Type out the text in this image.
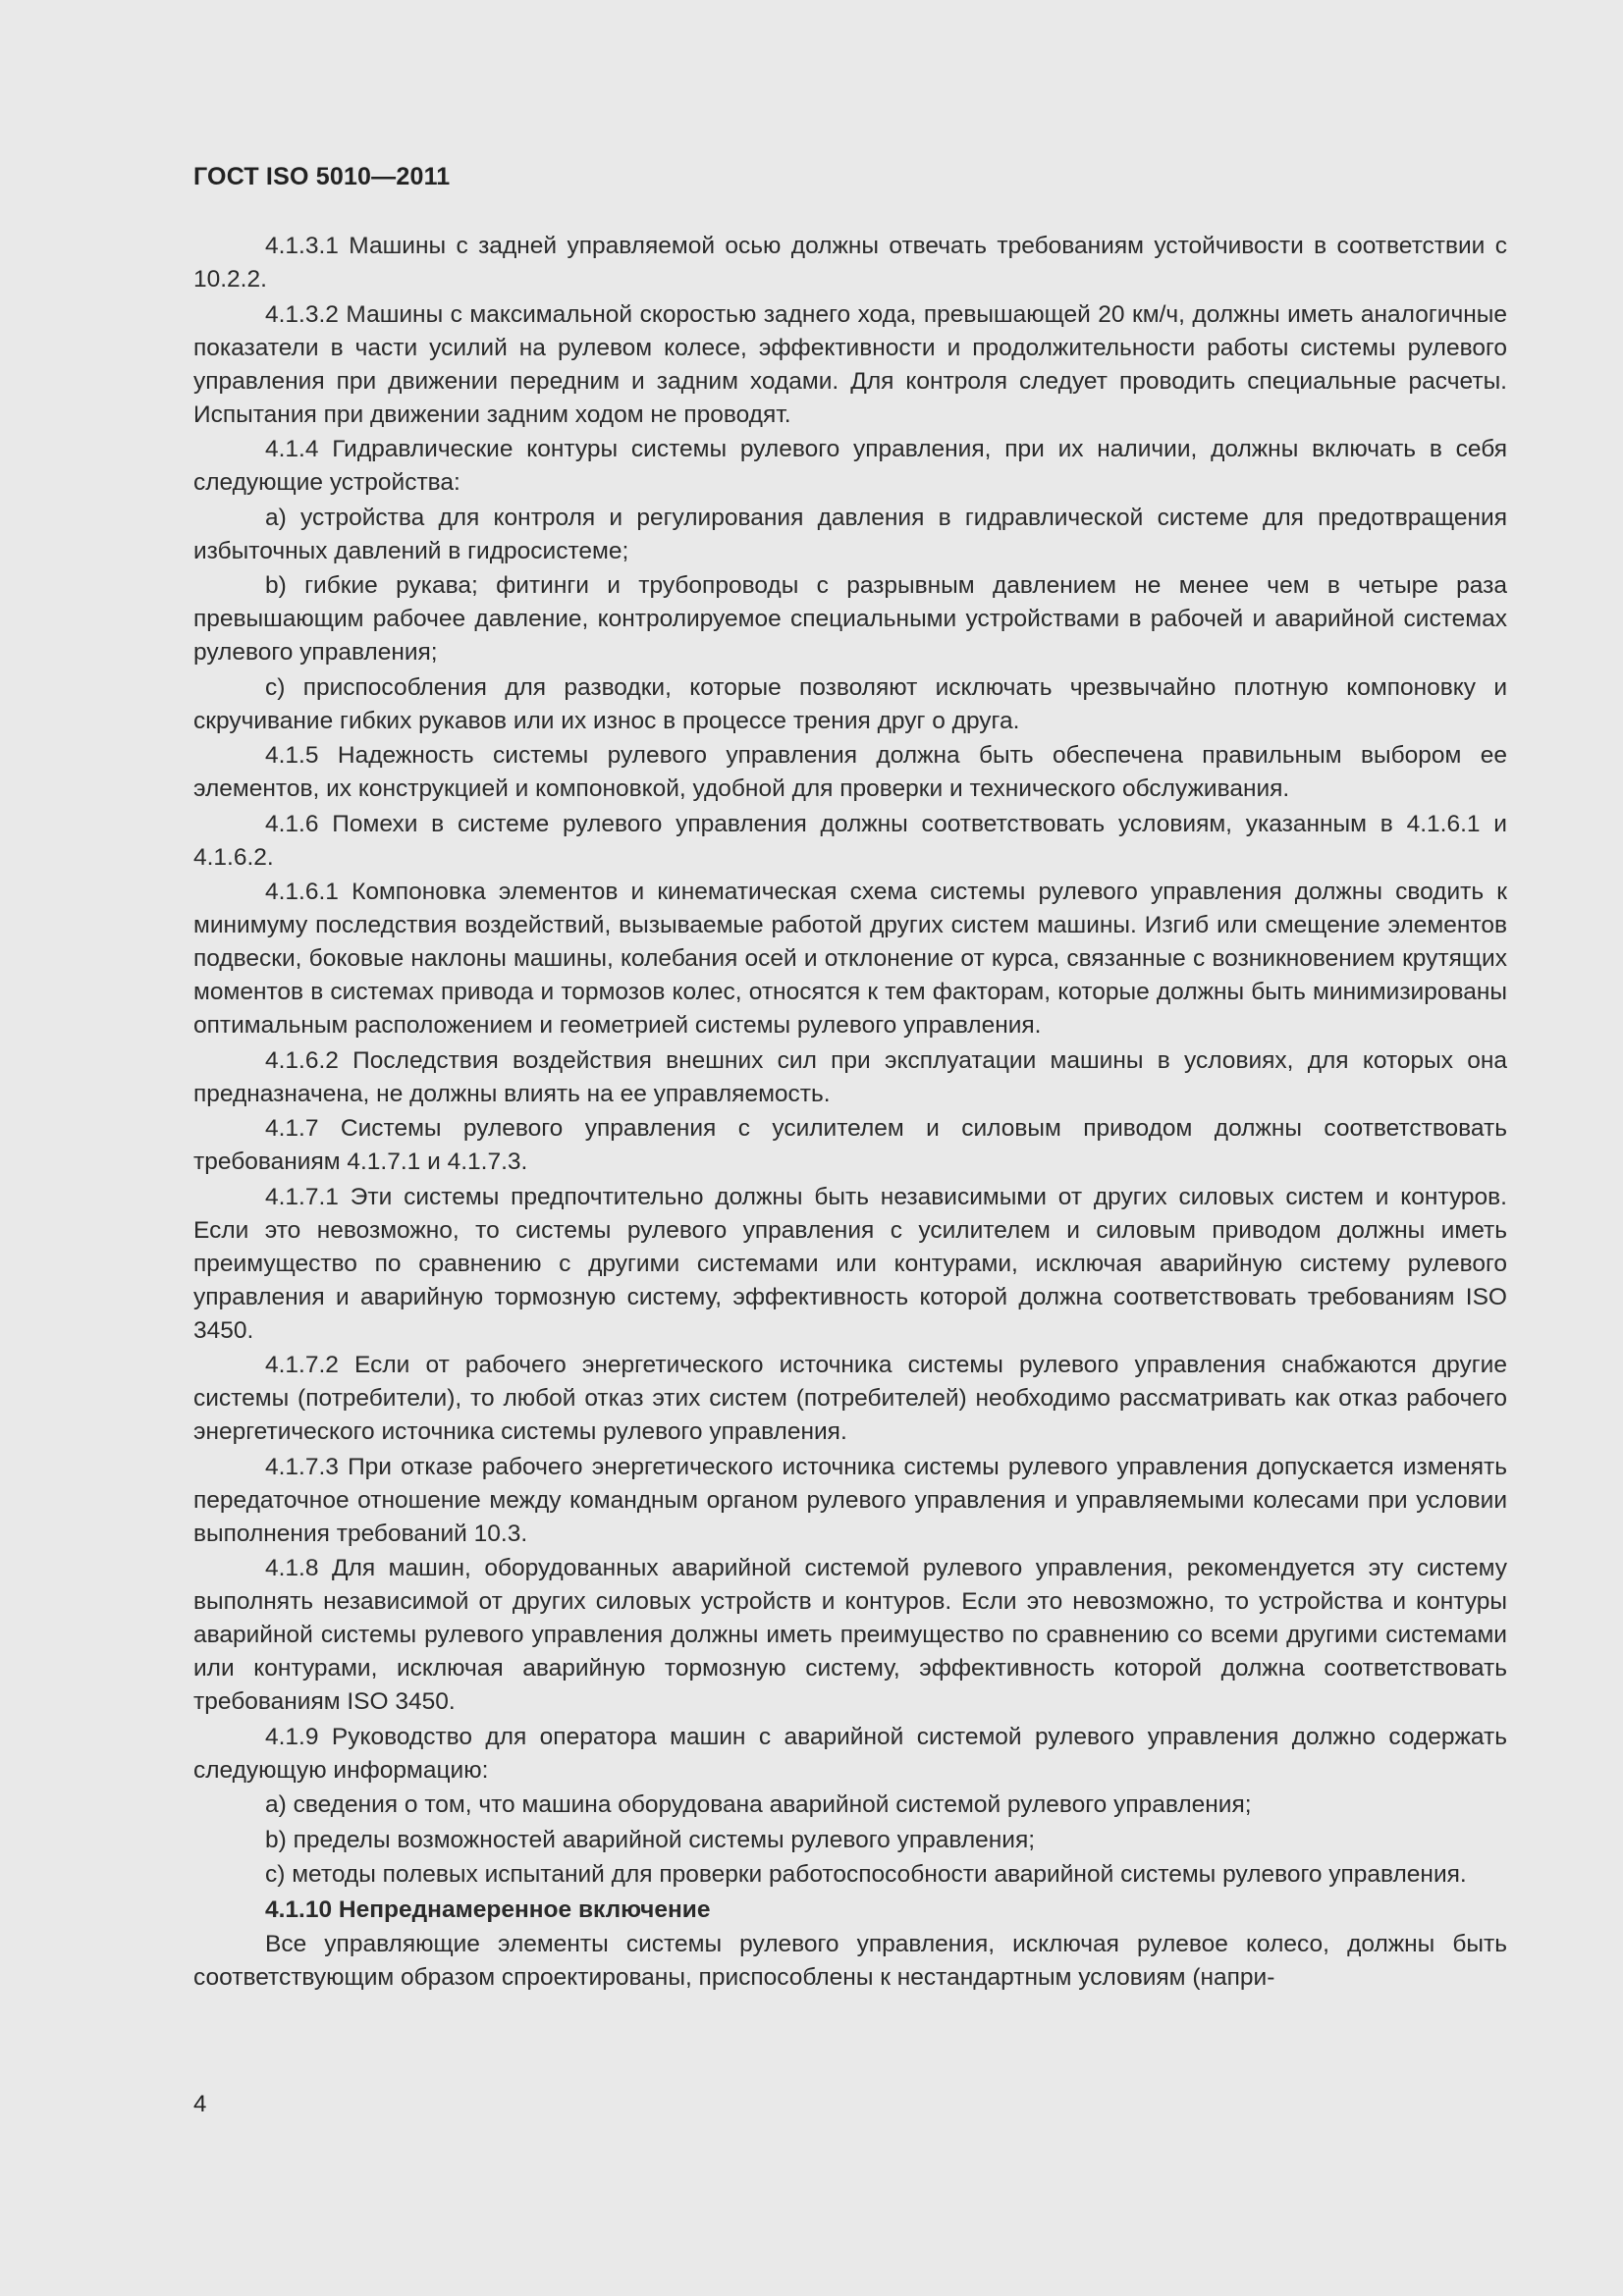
ГОСТ ISO 5010—2011

4.1.3.1 Машины с задней управляемой осью должны отвечать требованиям устойчивости в соответствии с 10.2.2.

4.1.3.2 Машины с максимальной скоростью заднего хода, превышающей 20 км/ч, должны иметь аналогичные показатели в части усилий на рулевом колесе, эффективности и продолжительности работы системы рулевого управления при движении передним и задним ходами. Для контроля следует проводить специальные расчеты. Испытания при движении задним ходом не проводят.

4.1.4 Гидравлические контуры системы рулевого управления, при их наличии, должны включать в себя следующие устройства:

a) устройства для контроля и регулирования давления в гидравлической системе для предотвращения избыточных давлений в гидросистеме;

b) гибкие рукава; фитинги и трубопроводы с разрывным давлением не менее чем в четыре раза превышающим рабочее давление, контролируемое специальными устройствами в рабочей и аварийной системах рулевого управления;

c) приспособления для разводки, которые позволяют исключать чрезвычайно плотную компоновку и скручивание гибких рукавов или их износ в процессе трения друг о друга.

4.1.5 Надежность системы рулевого управления должна быть обеспечена правильным выбором ее элементов, их конструкцией и компоновкой, удобной для проверки и технического обслуживания.

4.1.6 Помехи в системе рулевого управления должны соответствовать условиям, указанным в 4.1.6.1 и 4.1.6.2.

4.1.6.1 Компоновка элементов и кинематическая схема системы рулевого управления должны сводить к минимуму последствия воздействий, вызываемые работой других систем машины. Изгиб или смещение элементов подвески, боковые наклоны машины, колебания осей и отклонение от курса, связанные с возникновением крутящих моментов в системах привода и тормозов колес, относятся к тем факторам, которые должны быть минимизированы оптимальным расположением и геометрией системы рулевого управления.

4.1.6.2 Последствия воздействия внешних сил при эксплуатации машины в условиях, для которых она предназначена, не должны влиять на ее управляемость.

4.1.7 Системы рулевого управления с усилителем и силовым приводом должны соответствовать требованиям 4.1.7.1 и 4.1.7.3.

4.1.7.1 Эти системы предпочтительно должны быть независимыми от других силовых систем и контуров. Если это невозможно, то системы рулевого управления с усилителем и силовым приводом должны иметь преимущество по сравнению с другими системами или контурами, исключая аварийную систему рулевого управления и аварийную тормозную систему, эффективность которой должна соответствовать требованиям ISO 3450.

4.1.7.2 Если от рабочего энергетического источника системы рулевого управления снабжаются другие системы (потребители), то любой отказ этих систем (потребителей) необходимо рассматривать как отказ рабочего энергетического источника системы рулевого управления.

4.1.7.3 При отказе рабочего энергетического источника системы рулевого управления допускается изменять передаточное отношение между командным органом рулевого управления и управляемыми колесами при условии выполнения требований 10.3.

4.1.8 Для машин, оборудованных аварийной системой рулевого управления, рекомендуется эту систему выполнять независимой от других силовых устройств и контуров. Если это невозможно, то устройства и контуры аварийной системы рулевого управления должны иметь преимущество по сравнению со всеми другими системами или контурами, исключая аварийную тормозную систему, эффективность которой должна соответствовать требованиям ISO 3450.

4.1.9 Руководство для оператора машин с аварийной системой рулевого управления должно содержать следующую информацию:

a) сведения о том, что машина оборудована аварийной системой рулевого управления;

b) пределы возможностей аварийной системы рулевого управления;

c) методы полевых испытаний для проверки работоспособности аварийной системы рулевого управления.

4.1.10 Непреднамеренное включение

Все управляющие элементы системы рулевого управления, исключая рулевое колесо, должны быть соответствующим образом спроектированы, приспособлены к нестандартным условиям (напри-

4
